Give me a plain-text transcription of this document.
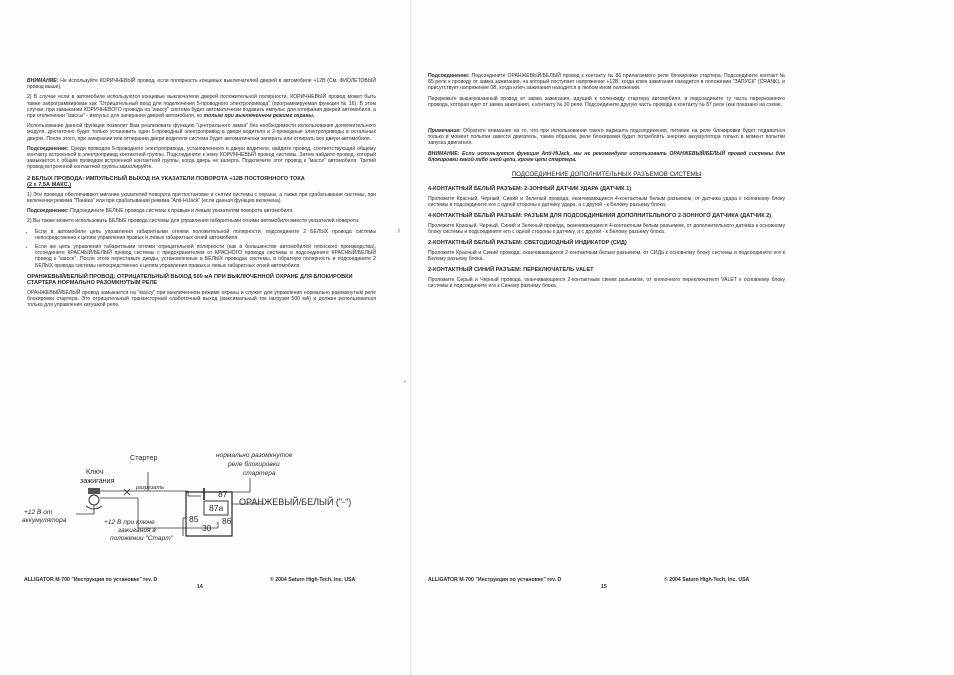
ВНИМАНИЕ: Не используйте КОРИЧНЕВЫЙ провод, если полярность концевых выключателей дверей в автомобиле +12В (См. ФИОЛЕТОВЫЙ провод выше).

2) В случае если в автомобиле используются концевые выключатели дверей положительной полярности, КОРИЧНЕВЫЙ провод может быть также запрограммирован как "Отрицательный вход для подключения 5-проводного электропривода" (программируемая функция № 16). В этом случае, при замыкании КОРИЧНЕВОГО провода на "массу" система будет автоматически подавать импульс для отпирания дверей автомобиля, а при отключении "массы" - импульс для запирания дверей автомобиля, но только при выключенном режиме охраны.

Использование данной функции позволит Вам реализовать функцию "центрального замка" без необходимости использования дополнительного модуля, достаточно будет только установить один 5-проводный электропривод в двери водителя и 2-проводные электроприводы в остальных дверях. После этого, при запирании или отпирании двери водителя система будет автоматически запирать или отпирать все двери автомобиля.

Подсоединение: Среди проводов 5-проводного электропривода, установленного в двери водителя, найдите провод, соответствующий общему контакту встроенной в электропривод контактной группы. Подсоедините к нему КОРИЧНЕВЫЙ провод системы. Затем найдите провод, который замыкается с общим проводом встроенной контактной группы, когда дверь не заперта. Подключите этот провод к "массе" автомобиля. Третий провод встроенной контактной группы заизолируйте.

2 БЕЛЫХ ПРОВОДА: ИМПУЛЬСНЫЙ ВЫХОД НА УКАЗАТЕЛИ ПОВОРОТА +12В ПОСТОЯННОГО ТОКА
(2 х 7,5А МАКС.)

1) Эти провода обеспечивают мигание указателей поворота при постановке и снятии системы с охраны, а также при срабатывании системы, при включении режима "Паника" или при срабатывании режима "Anti-HiJack" (если данная функция включена).

Подсоединение: Подсоедините БЕЛЫЕ провода системы к правым и левым указателям поворота автомобиля.

2) Вы также можете использовать БЕЛЫЕ провода системы для управления габаритными огнями автомобиля вместо указателей поворота:

• Если в автомобиле цепь управления габаритными огнями положительной полярности, подсоедините 2 БЕЛЫХ провода системы непосредственно к цепям управления правых и левых габаритных огней автомобиля.
• Если же цепь управления габаритными огнями отрицательной полярности (как в большинстве автомобилей японского производства), отсоедините КРАСНЫЙ/БЕЛЫЙ провод системы с предохранителем от КРАСНОГО провода системы и подсоедините КРАСНЫЙ/БЕЛЫЙ провод к "массе". После этого переставьте диоды, установленные в БЕЛЫХ проводах системы, в обратную полярность и подсоедините 2 БЕЛЫХ провода системы непосредственно к цепям управления правых и левых габаритных огней автомобиля.
ОРАНЖЕВЫЙ/БЕЛЫЙ ПРОВОД: ОТРИЦАТЕЛЬНЫЙ ВЫХОД 500 мА ПРИ ВЫКЛЮЧЕННОЙ ОХРАНЕ ДЛЯ БЛОКИРОВКИ СТАРТЕРА НОРМАЛЬНО РАЗОМКНУТЫМ РЕЛЕ

ОРАНЖЕВЫЙ/БЕЛЫЙ провод замыкается на "массу" при выключенном режиме охраны и служит для управления нормально разомкнутым реле блокировки стартера. Это отрицательный транзисторный слаботочный выход (максимальный ток нагрузки 500 мА) и должен использоваться только для управления катушкой реле.

Стартер
Ключ
зажигания
+12 В от
аккумулятора
разрезать
нормально разомкнутое
реле блокировки
стартера
87
87a
85	86
30
ОРАНЖЕВЫЙ/БЕЛЫЙ ("-")
+12 В при ключе
зажигания в
положении "Старт"
ALLIGATOR M-700 "Инструкция по установке" rev. D	© 2004 Saturn High-Tech, Inc. USA
14

Подсоединение: Подсоедините ОРАНЖЕВЫЙ/БЕЛЫЙ провод к контакту № 86 прилагаемого реле блокировки стартера. Подсоедините контакт № 85 реле к проводу от замка зажигания, на который поступает напряжение +12В, когда ключ зажигания находится в положении "ЗАПУСК" (CRANK), и присутствует напряжение 0В, когда ключ зажигания находится в любом ином положении.

Перережьте вышеуказанный провод от замка зажигания, идущий к соленоиду стартера автомобиля, и подсоедините ту часть перерезанного провода, которая идет от замка зажигания, к контакту № 30 реле. Подсоедините другую часть провода к контакту № 87 реле (как показано на схеме.

Примечание: Обратите внимание на то, что при использовании такого варианта подсоединения, питание на реле блокировки будет подаваться только в момент попытки завести двигатель, таким образом, реле блокировки будет потреблять энергию аккумулятора только в момент попытки запуска двигателя.

ВНИМАНИЕ: Если используется функция Anti-HiJack, мы не рекомендуем использовать ОРАНЖЕВЫЙ/БЕЛЫЙ провод системы для блокировки какой-либо иной цепи, кроме цепи стартера.

ПОДСОЕДИНЕНИЕ ДОПОЛНИТЕЛЬНЫХ РАЗЪЕМОВ СИСТЕМЫ
4-КОНТАКТНЫЙ БЕЛЫЙ РАЗЪЕМ: 2-ЗОННЫЙ ДАТЧИК УДАРА (ДАТЧИК 1)

Проложите Красный, Черный, Синий и Зеленый провода, оканчивающиеся 4-контактным белым разъемом, от датчика удара к основному блоку системы и подсоедините его с одной стороны к датчику удара, а с другой - к Белому разъему блока.

4-КОНТАКТНЫЙ БЕЛЫЙ РАЗЪЕМ: РАЗЪЕМ ДЛЯ ПОДСОЕДИНЕНИЯ ДОПОЛНИТЕЛЬНОГО 2-ЗОННОГО ДАТЧИКА (ДАТЧИК 2)

Проложите Красный, Черный, Синий и Зеленый провода, оканчивающиеся 4-контактным белым разъемом, от дополнительного датчика к основному блоку системы и подсоедините его с одной стороны к датчику, а с другой - к Белому разъему блока.

2-КОНТАКТНЫЙ БЕЛЫЙ РАЗЪЕМ: СВЕТОДИОДНЫЙ ИНДИКАТОР (СИД)

Проложите Красный и Синий провода, оканчивающиеся 2-контактным белым разъемом, от СИДа к основному блоку системы и подсоедините его к Белому разъему блока.

2-КОНТАКТНЫЙ СИНИЙ РАЗЪЕМ: ПЕРЕКЛЮЧАТЕЛЬ VALET

Проложите Серый и Черный провода, оканчивающиеся 2-контактным синим разъемом, от кнопочного переключателя VALET к основному блоку системы и подсоедините его к Синему разъему блока.

ALLIGATOR M-700 "Инструкция по установке" rev. D	© 2004 Saturn High-Tech, Inc. USA
15
